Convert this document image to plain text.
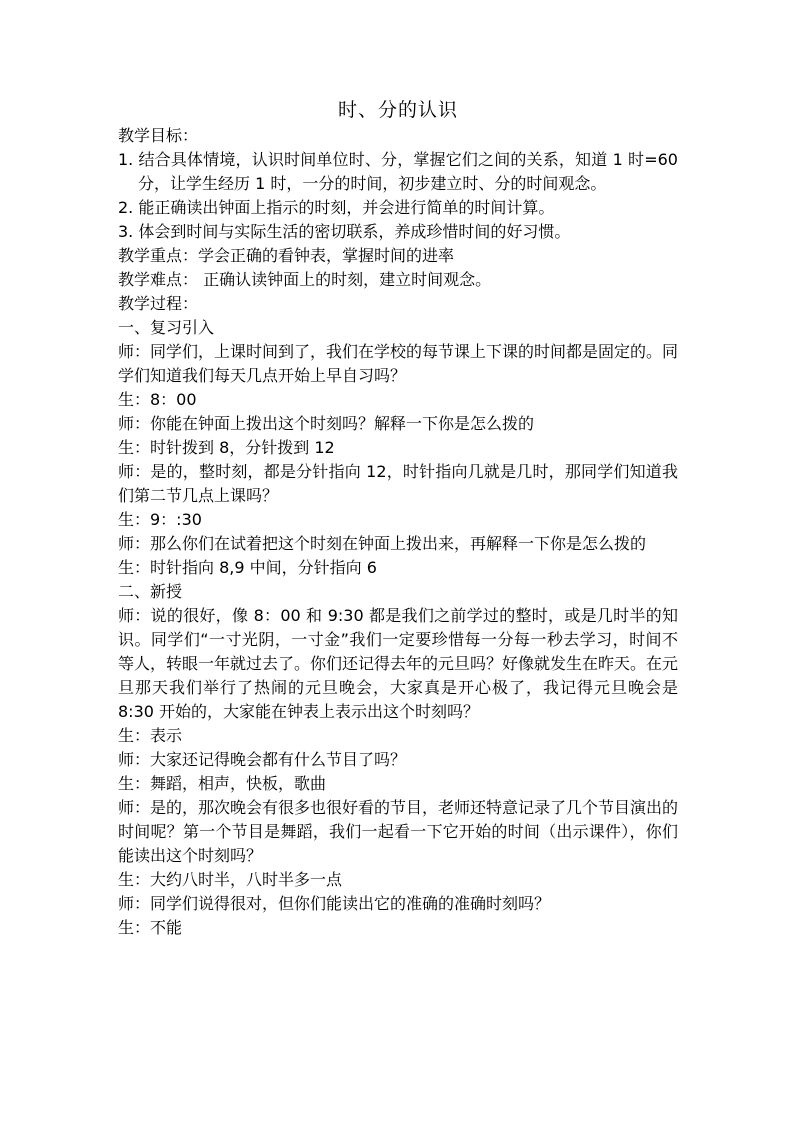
时、分的认识

教学目标：

1. 结合具体情境，认识时间单位时、分，掌握它们之间的关系，知道 1 时=60 分，让学生经历 1 时，一分的时间，初步建立时、分的时间观念。

2. 能正确读出钟面上指示的时刻，并会进行简单的时间计算。

3. 体会到时间与实际生活的密切联系，养成珍惜时间的好习惯。

教学重点：学会正确的看钟表，掌握时间的进率

教学难点： 正确认读钟面上的时刻，建立时间观念。

教学过程：

一、复习引入

师：同学们，上课时间到了，我们在学校的每节课上下课的时间都是固定的。同学们知道我们每天几点开始上早自习吗？

生：8：00

师：你能在钟面上拨出这个时刻吗？解释一下你是怎么拨的

生：时针拨到 8，分针拨到 12

师：是的，整时刻，都是分针指向 12，时针指向几就是几时，那同学们知道我们第二节几点上课吗？

生：9：:30

师：那么你们在试着把这个时刻在钟面上拨出来，再解释一下你是怎么拨的

生：时针指向 8,9 中间，分针指向 6

二、新授

师：说的很好，像 8：00 和 9:30 都是我们之前学过的整时，或是几时半的知识。同学们“一寸光阴，一寸金”我们一定要珍惜每一分每一秒去学习，时间不等人，转眼一年就过去了。你们还记得去年的元旦吗？好像就发生在昨天。在元旦那天我们举行了热闹的元旦晚会，大家真是开心极了，我记得元旦晚会是 8:30 开始的，大家能在钟表上表示出这个时刻吗？

生：表示

师：大家还记得晚会都有什么节目了吗？

生：舞蹈，相声，快板，歌曲

师：是的，那次晚会有很多也很好看的节目，老师还特意记录了几个节目演出的时间呢？第一个节目是舞蹈，我们一起看一下它开始的时间（出示课件），你们能读出这个时刻吗？

生：大约八时半，八时半多一点

师：同学们说得很对，但你们能读出它的准确的准确时刻吗？

生：不能
